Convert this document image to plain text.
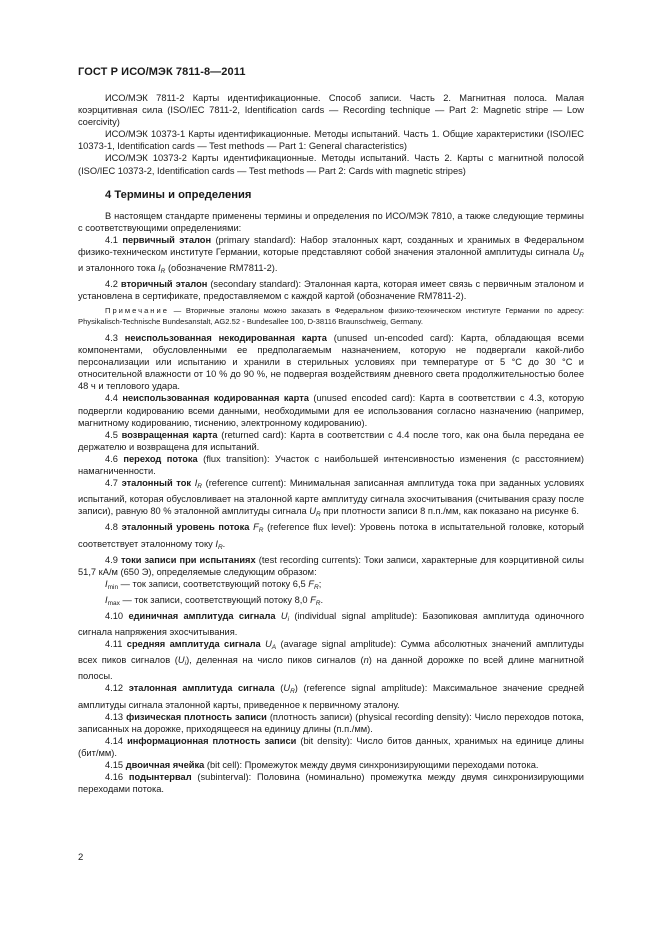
ГОСТ Р ИСО/МЭК 7811-8—2011

ИСО/МЭК 7811-2 Карты идентификационные. Способ записи. Часть 2. Магнитная полоса. Малая коэрцитивная сила (ISO/IEC 7811-2, Identification cards — Recording technique — Part 2: Magnetic stripe — Low coercivity)

ИСО/МЭК 10373-1 Карты идентификационные. Методы испытаний. Часть 1. Общие характеристики (ISO/IEC 10373-1, Identification cards — Test methods — Part 1: General characteristics)

ИСО/МЭК 10373-2 Карты идентификационные. Методы испытаний. Часть 2. Карты с магнитной полосой (ISO/IEC 10373-2, Identification cards — Test methods — Part 2: Cards with magnetic stripes)

4 Термины и определения

В настоящем стандарте применены термины и определения по ИСО/МЭК 7810, а также следующие термины с соответствующими определениями:

4.1 первичный эталон (primary standard): Набор эталонных карт, созданных и хранимых в Федеральном физико-техническом институте Германии, которые представляют собой значения эталонной амплитуды сигнала $U_R$ и эталонного тока $I_R$ (обозначение RM7811-2).

4.2 вторичный эталон (secondary standard): Эталонная карта, которая имеет связь с первичным эталоном и установлена в сертификате, предоставляемом с каждой картой (обозначение RM7811-2).

Примечание — Вторичные эталоны можно заказать в Федеральном физико-техническом институте Германии по адресу: Physikalisch-Technische Bundesanstalt, AG2.52 - Bundesallee 100, D-38116 Braunschweig, Germany.

4.3 неиспользованная некодированная карта (unused un-encoded card): Карта, обладающая всеми компонентами, обусловленными ее предполагаемым назначением, которую не подвергали какой-либо персонализации или испытанию и хранили в стерильных условиях при температуре от 5 °С до 30 °С и относительной влажности от 10 % до 90 %, не подвергая воздействиям дневного света продолжительностью более 48 ч и теплового удара.

4.4 неиспользованная кодированная карта (unused encoded card): Карта в соответствии с 4.3, которую подвергли кодированию всеми данными, необходимыми для ее использования согласно назначению (например, магнитному кодированию, тиснению, электронному кодированию).

4.5 возвращенная карта (returned card): Карта в соответствии с 4.4 после того, как она была передана ее держателю и возвращена для испытаний.

4.6 переход потока (flux transition): Участок с наибольшей интенсивностью изменения (с расстоянием) намагниченности.

4.7 эталонный ток $I_R$ (reference current): Минимальная записанная амплитуда тока при заданных условиях испытаний, которая обусловливает на эталонной карте амплитуду сигнала эхосчитывания (считывания сразу после записи), равную 80 % эталонной амплитуды сигнала $U_R$ при плотности записи 8 п.п./мм, как показано на рисунке 6.

4.8 эталонный уровень потока $F_R$ (reference flux level): Уровень потока в испытательной головке, который соответствует эталонному току $I_R$.

4.9 токи записи при испытаниях (test recording currents): Токи записи, характерные для коэрцитивной силы 51,7 кА/м (650 Э), определяемые следующим образом:

$I_{min}$ — ток записи, соответствующий потоку 6,5 $F_R$;

$I_{max}$ — ток записи, соответствующий потоку 8,0 $F_R$.

4.10 единичная амплитуда сигнала $U_i$ (individual signal amplitude): Базопиковая амплитуда одиночного сигнала напряжения эхосчитывания.

4.11 средняя амплитуда сигнала $U_A$ (avarage signal amplitude): Сумма абсолютных значений амплитуды всех пиков сигналов $(U_i)$, деленная на число пиков сигналов (n) на данной дорожке по всей длине магнитной полосы.

4.12 эталонная амплитуда сигнала $(U_R)$ (reference signal amplitude): Максимальное значение средней амплитуды сигнала эталонной карты, приведенное к первичному эталону.

4.13 физическая плотность записи (плотность записи) (physical recording density): Число переходов потока, записанных на дорожке, приходящееся на единицу длины (п.п./мм).

4.14 информационная плотность записи (bit density): Число битов данных, хранимых на единице длины (бит/мм).

4.15 двоичная ячейка (bit cell): Промежуток между двумя синхронизирующими переходами потока.

4.16 подынтервал (subinterval): Половина (номинально) промежутка между двумя синхронизирующими переходами потока.

2
